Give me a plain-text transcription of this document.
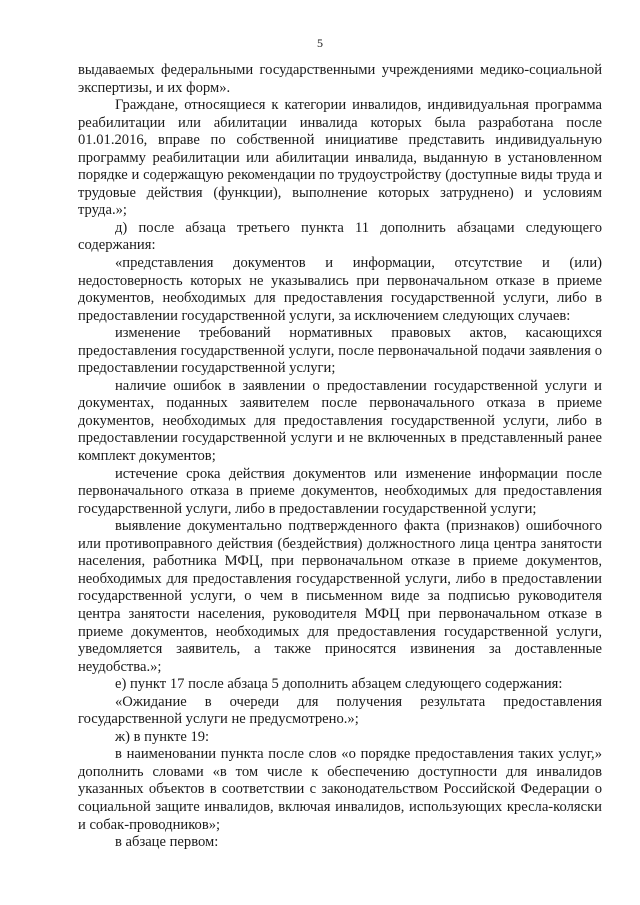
5

выдаваемых федеральными государственными учреждениями медико-социальной экспертизы, и их форм».

Граждане, относящиеся к категории инвалидов, индивидуальная программа реабилитации или абилитации инвалида которых была разработана после 01.01.2016, вправе по собственной инициативе представить индивидуальную программу реабилитации или абилитации инвалида, выданную в установленном порядке и содержащую рекомендации по трудоустройству (доступные виды труда и трудовые действия (функции), выполнение которых затруднено) и условиям труда.»;

д) после абзаца третьего пункта 11 дополнить абзацами следующего содержания:

«представления документов и информации, отсутствие и (или) недостоверность которых не указывались при первоначальном отказе в приеме документов, необходимых для предоставления государственной услуги, либо в предоставлении государственной услуги, за исключением следующих случаев:

изменение требований нормативных правовых актов, касающихся предоставления государственной услуги, после первоначальной подачи заявления о предоставлении государственной услуги;

наличие ошибок в заявлении о предоставлении государственной услуги и документах, поданных заявителем после первоначального отказа в приеме документов, необходимых для предоставления государственной услуги, либо в предоставлении государственной услуги и не включенных в представленный ранее комплект документов;

истечение срока действия документов или изменение информации после первоначального отказа в приеме документов, необходимых для предоставления государственной услуги, либо в предоставлении государственной услуги;

выявление документально подтвержденного факта (признаков) ошибочного или противоправного действия (бездействия) должностного лица центра занятости населения, работника МФЦ, при первоначальном отказе в приеме документов, необходимых для предоставления государственной услуги, либо в предоставлении государственной услуги, о чем в письменном виде за подписью руководителя центра занятости населения, руководителя МФЦ при первоначальном отказе в приеме документов, необходимых для предоставления государственной услуги, уведомляется заявитель, а также приносятся извинения за доставленные неудобства.»;

е) пункт 17 после абзаца 5 дополнить абзацем следующего содержания:

«Ожидание в очереди для получения результата предоставления государственной услуги не предусмотрено.»;

ж) в пункте 19:

в наименовании пункта после слов «о порядке предоставления таких услуг,» дополнить словами «в том числе к обеспечению доступности для инвалидов указанных объектов в соответствии с законодательством Российской Федерации о социальной защите инвалидов, включая инвалидов, использующих кресла-коляски и собак-проводников»;

в абзаце первом:
